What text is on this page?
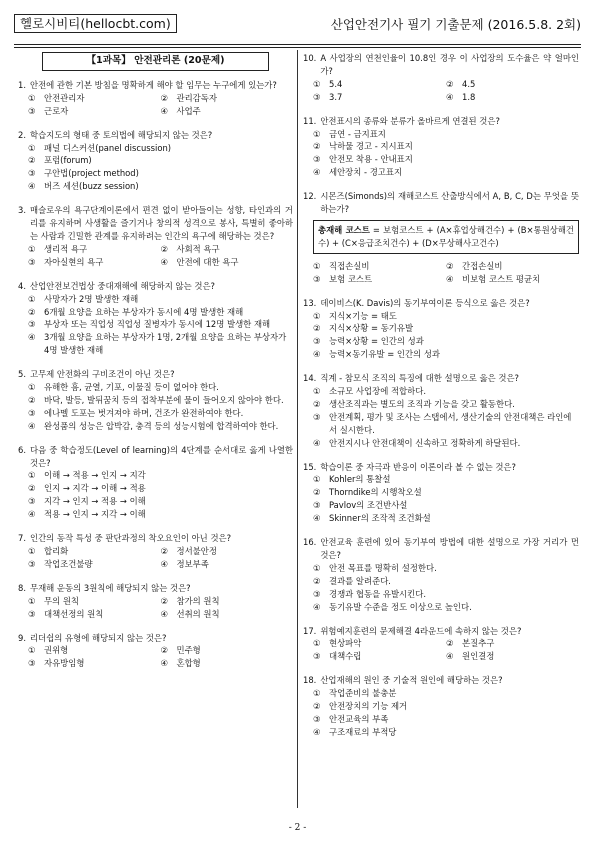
헬로시비티(hellocbt.com)	산업안전기사 필기 기출문제 (2016.5.8. 2회)
【1과목】 안전관리론 (20문제)
1. 안전에 관한 기본 방침을 명확하게 해야 할 임무는 누구에게 있는가?
①	안전관리자	②	관리감독자
③	근로자	④	사업주
2. 학습지도의 형태 중 토의법에 해당되지 않는 것은?
①	패널 디스커션(panel discussion)
②	포럼(forum)
③	구안법(project method)
④	버즈 세션(buzz session)
3. 매슬로우의 욕구단계이론에서 편견 없이 받아들이는 성향, 타인과의 거리를 유지하며 사생활을 즐기거나 창의적 성격으로 봉사, 특별히 좋아하는 사람과 긴밀한 관계를 유지하려는 인간의 욕구에 해당하는 것은?
①	생리적 욕구	②	사회적 욕구
③	자아실현의 욕구	④	안전에 대한 욕구
4. 산업안전보건법상 중대재해에 해당하지 않는 것은?
①	사망자가 2명 발생한 재해
②	6개월 요양을 요하는 부상자가 동시에 4명 발생한 재해
③	부상자 또는 직업성 직업성 질병자가 동시에 12명 발생한 재해
④	3개월 요양을 요하는 부상자가 1명, 2개월 요양을 요하는 부상자가 4명 발생한 재해
5. 고무제 안전화의 구비조건이 아닌 것은?
①	유해한 흠, 균열, 기포, 이물질 등이 없어야 한다.
②	바닥, 발등, 발뒤꿈치 등의 접착부분에 물이 들어오지 않아야 한다.
③	에나멜 도포는 벗겨져야 하며, 건조가 완전하여야 한다.
④	완성품의 성능은 압박감, 충격 등의 성능시험에 합격하여야 한다.
6. 다음 중 학습정도(Level of learning)의 4단계를 순서대로 옳게 나열한 것은?
①	이해 → 적용 → 인지 → 지각
②	인지 → 지각 → 이해 → 적용
③	지각 → 인지 → 적용 → 이해
④	적용 → 인지 → 지각 → 이해
7. 인간의 동작 특성 중 판단과정의 착오요인이 아닌 것은?
①	합리화	②	정서불안정
③	작업조건불량	④	정보부족
8. 무재해 운동의 3원칙에 해당되지 않는 것은?
①	무의 원칙	②	참가의 원칙
③	대책선정의 원칙	④	선취의 원칙
9. 리더쉽의 유형에 해당되지 않는 것은?
①	권위형	②	민주형
③	자유방임형	④	혼합형
10. A 사업장의 연천인율이 10.8인 경우 이 사업장의 도수율은 약 얼마인가?
①	5.4	②	4.5
③	3.7	④	1.8
11. 안전표시의 종류와 분류가 올바르게 연결된 것은?
①	금연 - 금지표지
②	낙하물 경고 - 지시표지
③	안전모 착용 - 안내표지
④	세안장치 - 경고표지
12. 시몬즈(Simonds)의 재해코스트 산출방식에서 A, B, C, D는 무엇을 뜻하는가?
총재해 코스트 = 보험코스트 + (A×휴업상해건수) + (B×통원상해건수) + (C×응급조치건수) + (D×무상해사고건수)
①	직접손실비	②	간접손실비
③	보험 코스트	④	비보험 코스트 평균치
13. 데이비스(K. Davis)의 동기부여이론 등식으로 옳은 것은?
①	지식×기능 = 태도
②	지식×상황 = 동기유발
③	능력×상황 = 인간의 성과
④	능력×동기유발 = 인간의 성과
14. 직계 - 참모식 조직의 특징에 대한 설명으로 옳은 것은?
①	소규모 사업장에 적합하다.
②	생산조직과는 별도의 조직과 기능을 갖고 활동한다.
③	안전계획, 평가 및 조사는 스탭에서, 생산기술의 안전대책은 라인에서 실시한다.
④	안전지시나 안전대책이 신속하고 정확하게 하달된다.
15. 학습이론 중 자극과 반응이 이론이라 볼 수 없는 것은?
①	Kohler의 통찰설
②	Thorndike의 시행착오설
③	Pavlov의 조건반사설
④	Skinner의 조작적 조건화설
16. 안전교육 훈련에 있어 동기부여 방법에 대한 설명으로 가장 거리가 먼 것은?
①	안전 목표를 명확히 설정한다.
②	결과를 알려준다.
③	경쟁과 협동을 유발시킨다.
④	동기유발 수준을 정도 이상으로 높인다.
17. 위험예지훈련의 문제해결 4라운드에 속하지 않는 것은?
①	현상파악	②	본질추구
③	대책수립	④	원인결정
18. 산업재해의 원인 중 기술적 원인에 해당하는 것은?
①	작업준비의 불충분
②	안전장치의 기능 제거
③	안전교육의 부족
④	구조재료의 부적당
- 2 -
